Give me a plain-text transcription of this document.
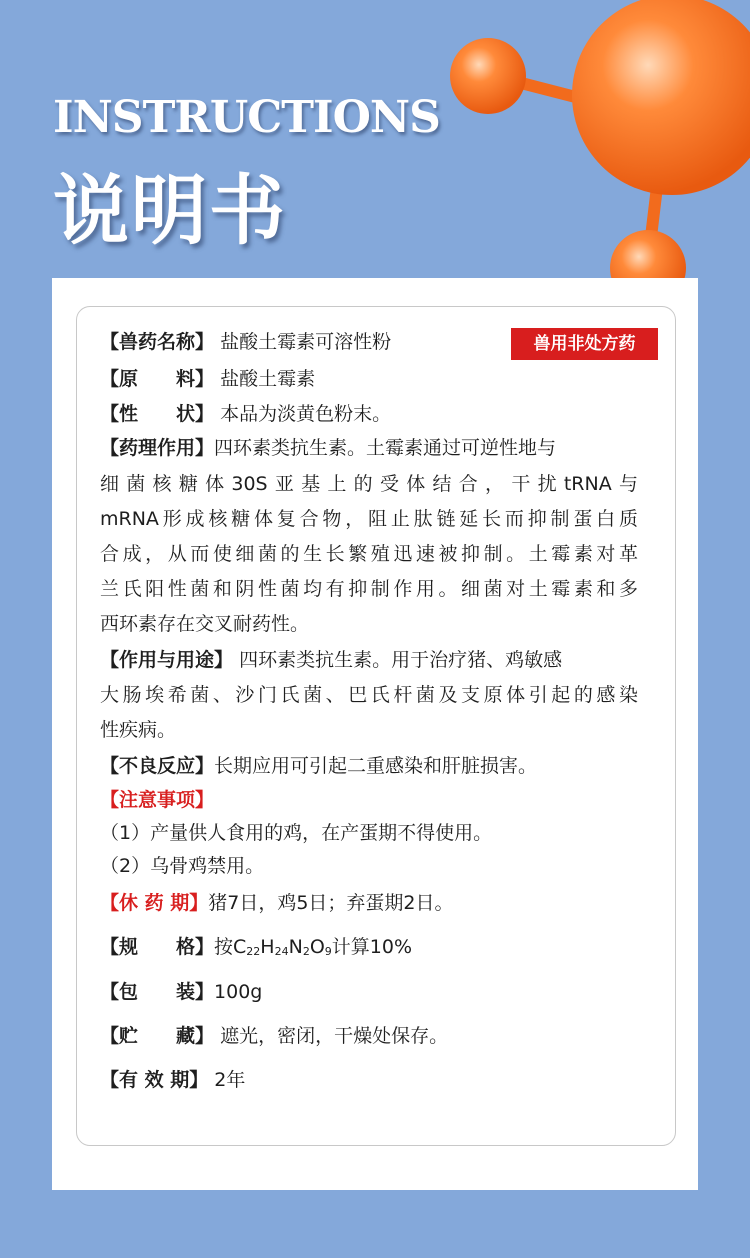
INSTRUCTIONS
说明书
兽用非处方药
【兽药名称】 盐酸土霉素可溶性粉
【原　　料】 盐酸土霉素
【性　　状】 本品为淡黄色粉末。
【药理作用】四环素类抗生素。土霉素通过可逆性地与
细菌核糖体30S亚基上的受体结合，干扰tRNA与
mRNA形成核糖体复合物，阻止肽链延长而抑制蛋白质
合成，从而使细菌的生长繁殖迅速被抑制。土霉素对革
兰氏阳性菌和阴性菌均有抑制作用。细菌对土霉素和多
西环素存在交叉耐药性。
【作用与用途】 四环素类抗生素。用于治疗猪、鸡敏感
大肠埃希菌、沙门氏菌、巴氏杆菌及支原体引起的感染
性疾病。
【不良反应】长期应用可引起二重感染和肝脏损害。
【注意事项】
（1）产量供人食用的鸡，在产蛋期不得使用。
（2）乌骨鸡禁用。
【休 药 期】猪7日，鸡5日；弃蛋期2日。
【规　　格】按$C_{22}H_{24}N_2O_9$计算10%
【包　　装】100g
【贮　　藏】 遮光，密闭，干燥处保存。
【有 效 期】 2年
